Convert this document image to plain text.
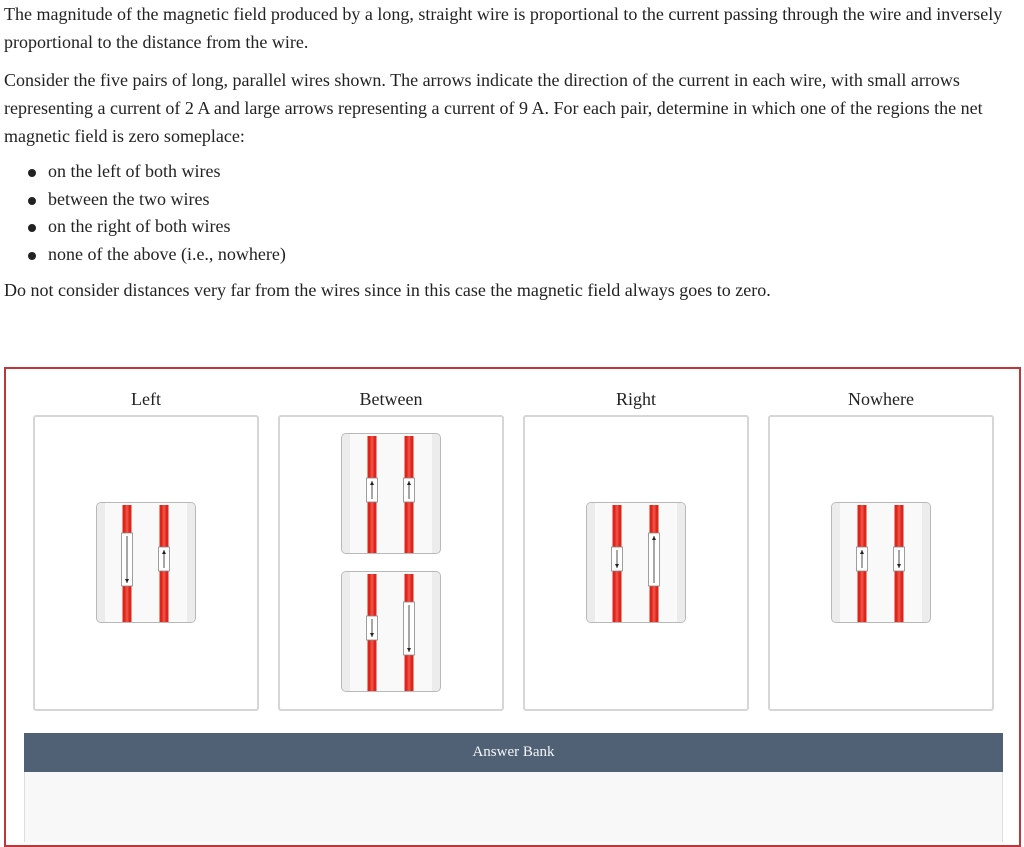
The magnitude of the magnetic field produced by a long, straight wire is proportional to the current passing through the wire and inversely proportional to the distance from the wire.

Consider the five pairs of long, parallel wires shown. The arrows indicate the direction of the current in each wire, with small arrows representing a current of 2 A and large arrows representing a current of 9 A. For each pair, determine in which one of the regions the net magnetic field is zero someplace:

on the left of both wires
between the two wires
on the right of both wires
none of the above (i.e., nowhere)

Do not consider distances very far from the wires since in this case the magnetic field always goes to zero.

Left	Between	Right	Nowhere
Answer Bank
